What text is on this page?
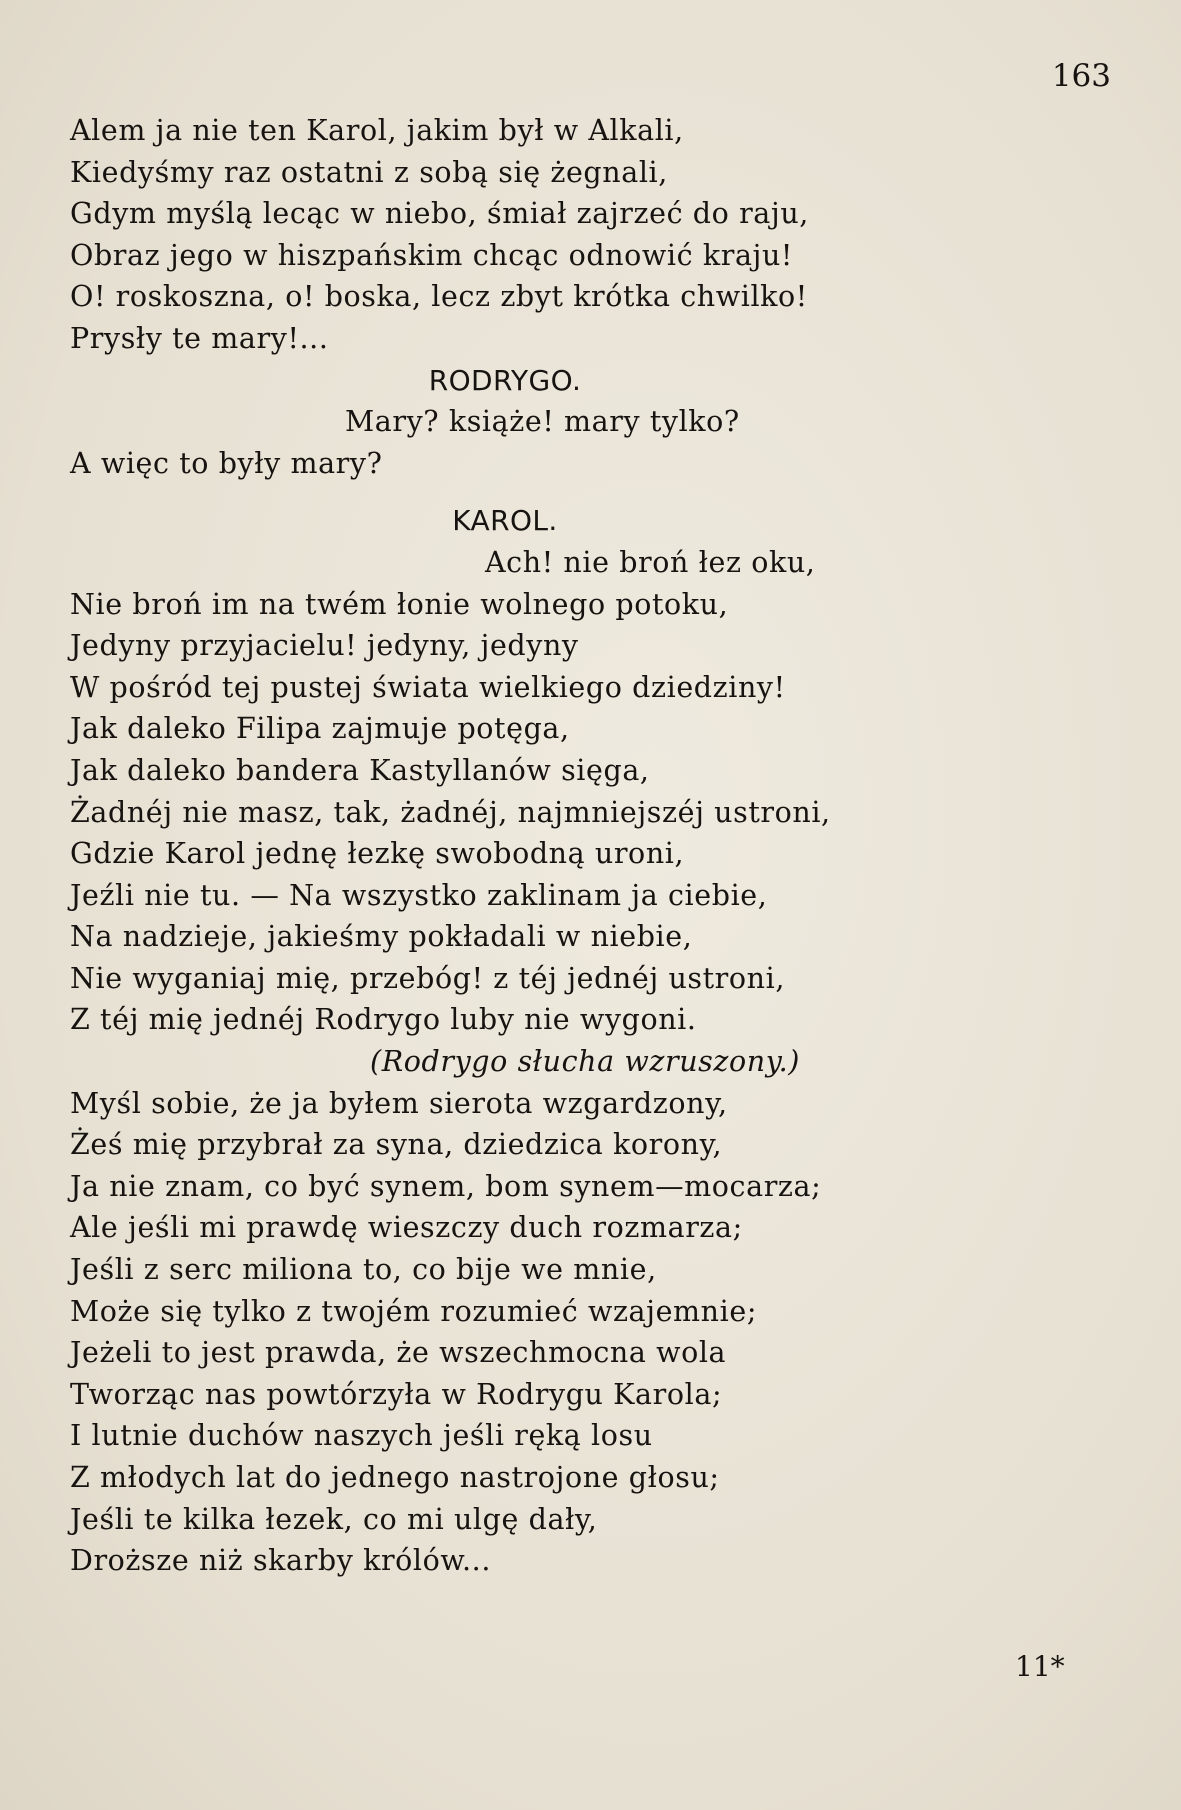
163
Alem ja nie ten Karol, jakim był w Alkali,
Kiedyśmy raz ostatni z sobą się żegnali,
Gdym myślą lecąc w niebo, śmiał zajrzeć do raju,
Obraz jego w hiszpańskim chcąc odnowić kraju!
O! roskoszna, o! boska, lecz zbyt krótka chwilko!
Prysły te mary!...
RODRYGO.
Mary? książe! mary tylko?
A więc to były mary?
KAROL.
Ach! nie broń łez oku,
Nie broń im na twém łonie wolnego potoku,
Jedyny przyjacielu! jedyny, jedyny
W pośród tej pustej świata wielkiego dziedziny!
Jak daleko Filipa zajmuje potęga,
Jak daleko bandera Kastyllanów sięga,
Żadnéj nie masz, tak, żadnéj, najmniejszéj ustroni,
Gdzie Karol jednę łezkę swobodną uroni,
Jeźli nie tu. — Na wszystko zaklinam ja ciebie,
Na nadzieje, jakieśmy pokładali w niebie,
Nie wyganiaj mię, przebóg! z téj jednéj ustroni,
Z téj mię jednéj Rodrygo luby nie wygoni.
(Rodrygo słucha wzruszony.)
Myśl sobie, że ja byłem sierota wzgardzony,
Żeś mię przybrał za syna, dziedzica korony,
Ja nie znam, co być synem, bom synem—mocarza;
Ale jeśli mi prawdę wieszczy duch rozmarza;
Jeśli z serc miliona to, co bije we mnie,
Może się tylko z twojém rozumieć wzajemnie;
Jeżeli to jest prawda, że wszechmocna wola
Tworząc nas powtórzyła w Rodrygu Karola;
I lutnie duchów naszych jeśli ręką losu
Z młodych lat do jednego nastrojone głosu;
Jeśli te kilka łezek, co mi ulgę dały,
Droższe niż skarby królów...
11*
